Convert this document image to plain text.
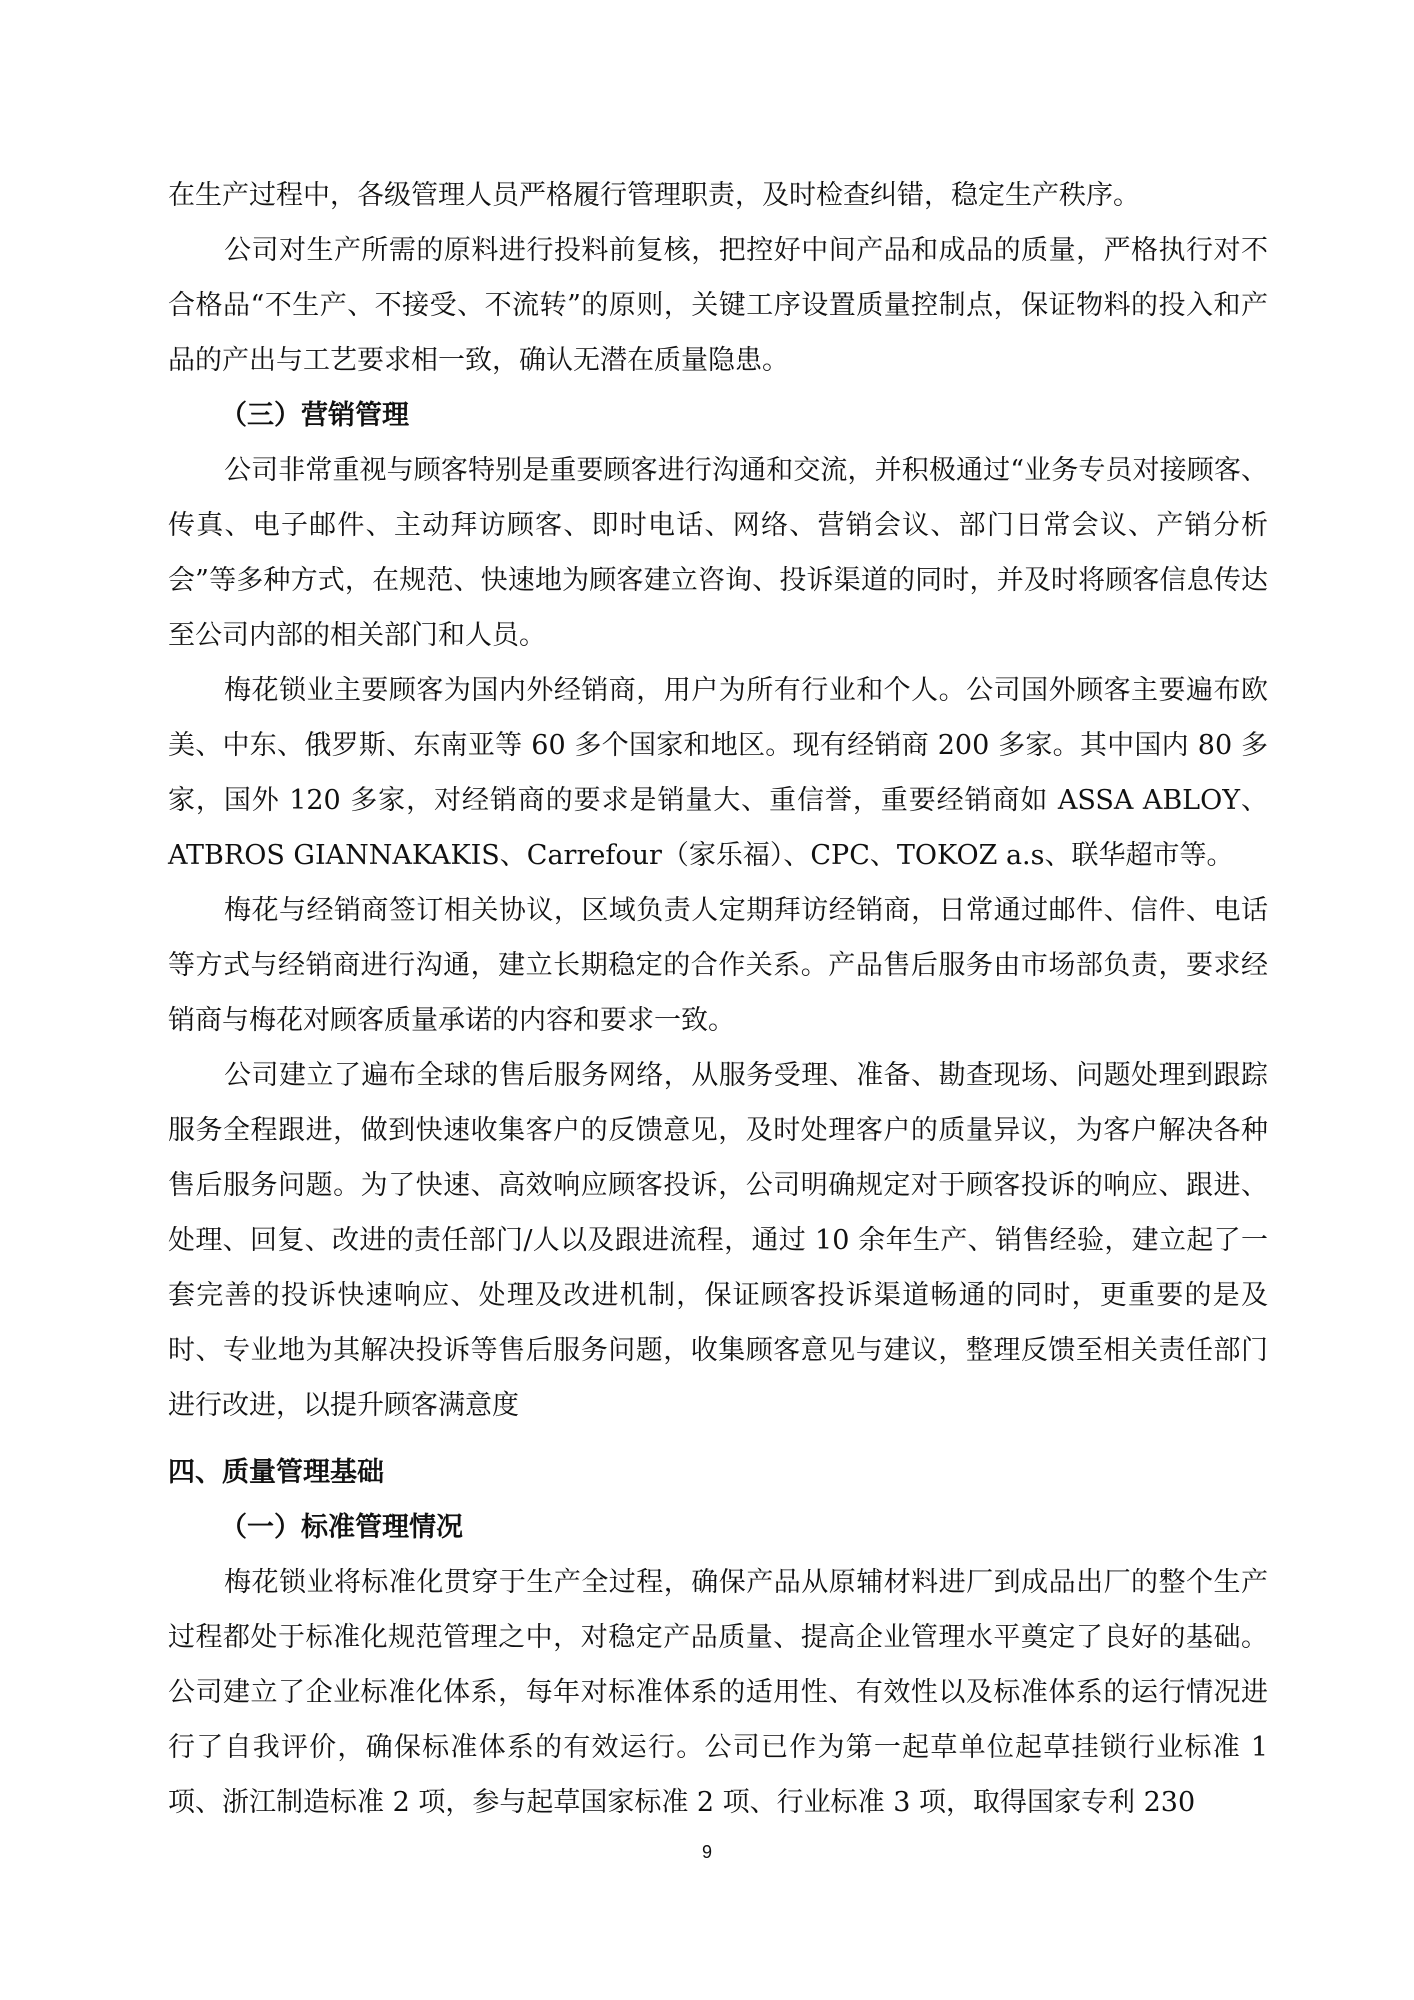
在生产过程中，各级管理人员严格履行管理职责，及时检查纠错，稳定生产秩序。

公司对生产所需的原料进行投料前复核，把控好中间产品和成品的质量，严格执行对不合格品“不生产、不接受、不流转”的原则，关键工序设置质量控制点，保证物料的投入和产品的产出与工艺要求相一致，确认无潜在质量隐患。

（三）营销管理

公司非常重视与顾客特别是重要顾客进行沟通和交流，并积极通过“业务专员对接顾客、传真、电子邮件、主动拜访顾客、即时电话、网络、营销会议、部门日常会议、产销分析会”等多种方式，在规范、快速地为顾客建立咨询、投诉渠道的同时，并及时将顾客信息传达至公司内部的相关部门和人员。

梅花锁业主要顾客为国内外经销商，用户为所有行业和个人。公司国外顾客主要遍布欧美、中东、俄罗斯、东南亚等 60 多个国家和地区。现有经销商 200 多家。其中国内 80 多家，国外 120 多家，对经销商的要求是销量大、重信誉，重要经销商如 ASSA ABLOY、ATBROS GIANNAKAKIS、Carrefour（家乐福）、CPC、TOKOZ a.s、联华超市等。

梅花与经销商签订相关协议，区域负责人定期拜访经销商，日常通过邮件、信件、电话等方式与经销商进行沟通，建立长期稳定的合作关系。产品售后服务由市场部负责，要求经销商与梅花对顾客质量承诺的内容和要求一致。

公司建立了遍布全球的售后服务网络，从服务受理、准备、勘查现场、问题处理到跟踪服务全程跟进，做到快速收集客户的反馈意见，及时处理客户的质量异议，为客户解决各种售后服务问题。为了快速、高效响应顾客投诉，公司明确规定对于顾客投诉的响应、跟进、处理、回复、改进的责任部门/人以及跟进流程，通过 10 余年生产、销售经验，建立起了一套完善的投诉快速响应、处理及改进机制，保证顾客投诉渠道畅通的同时，更重要的是及时、专业地为其解决投诉等售后服务问题，收集顾客意见与建议，整理反馈至相关责任部门进行改进，以提升顾客满意度

四、质量管理基础

（一）标准管理情况

梅花锁业将标准化贯穿于生产全过程，确保产品从原辅材料进厂到成品出厂的整个生产过程都处于标准化规范管理之中，对稳定产品质量、提高企业管理水平奠定了良好的基础。公司建立了企业标准化体系，每年对标准体系的适用性、有效性以及标准体系的运行情况进行了自我评价，确保标准体系的有效运行。公司已作为第一起草单位起草挂锁行业标准 1 项、浙江制造标准 2 项，参与起草国家标准 2 项、行业标准 3 项，取得国家专利 230

9
